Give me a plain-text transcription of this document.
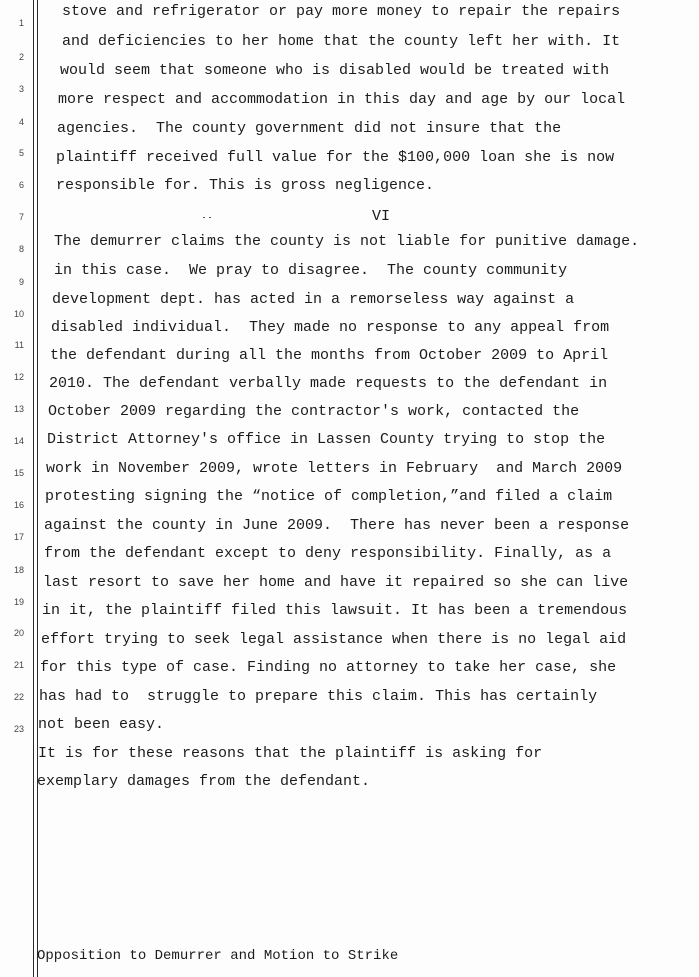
1
2
3
4
5
6
7
8
9
10
11
12
13
14
15
16
17
18
19
20
21
22
23
stove and refrigerator or pay more money to repair the repairs
and deficiencies to her home that the county left her with. It
would seem that someone who is disabled would be treated with
more respect and accommodation in this day and age by our local
agencies.  The county government did not insure that the
plaintiff received full value for the $100,000 loan she is now
responsible for. This is gross negligence.
VI
The demurrer claims the county is not liable for punitive damage.
in this case.  We pray to disagree.  The county community
development dept. has acted in a remorseless way against a
disabled individual.  They made no response to any appeal from
the defendant during all the months from October 2009 to April
2010. The defendant verbally made requests to the defendant in
October 2009 regarding the contractor's work, contacted the
District Attorney's office in Lassen County trying to stop the
work in November 2009, wrote letters in February  and March 2009
protesting signing the “notice of completion,”and filed a claim
against the county in June 2009.  There has never been a response
from the defendant except to deny responsibility. Finally, as a
last resort to save her home and have it repaired so she can live
in it, the plaintiff filed this lawsuit. It has been a tremendous
effort trying to seek legal assistance when there is no legal aid
for this type of case. Finding no attorney to take her case, she
has had to  struggle to prepare this claim. This has certainly
not been easy.
It is for these reasons that the plaintiff is asking for
exemplary damages from the defendant.
Opposition to Demurrer and Motion to Strike
